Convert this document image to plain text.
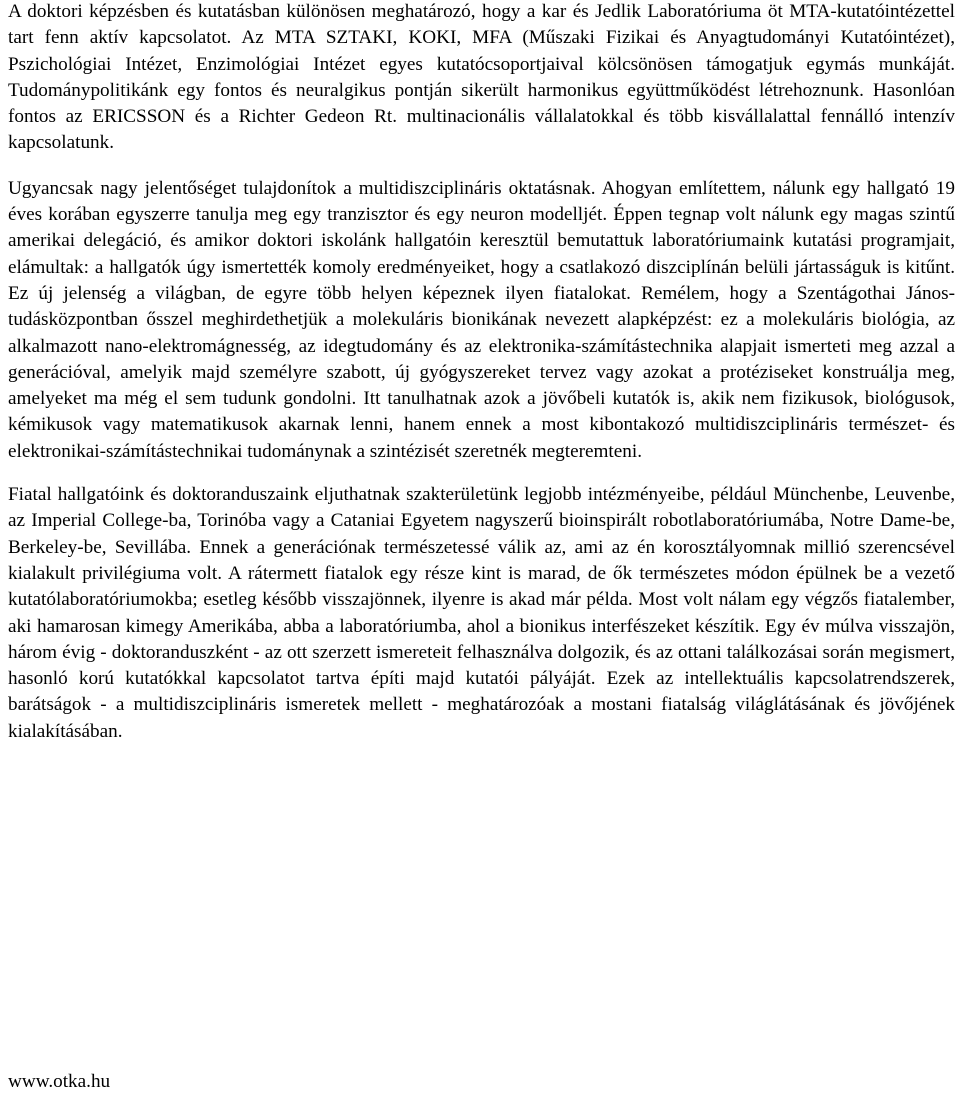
A doktori képzésben és kutatásban különösen meghatározó, hogy a kar és Jedlik Laboratóriuma öt MTA-kutatóintézettel tart fenn aktív kapcsolatot. Az MTA SZTAKI, KOKI, MFA (Műszaki Fizikai és Anyagtudományi Kutatóintézet), Pszichológiai Intézet, Enzimológiai Intézet egyes kutatócsoportjaival kölcsönösen támogatjuk egymás munkáját. Tudománypolitikánk egy fontos és neuralgikus pontján sikerült harmonikus együttműködést létrehoznunk. Hasonlóan fontos az ERICSSON és a Richter Gedeon Rt. multinacionális vállalatokkal és több kisvállalattal fennálló intenzív kapcsolatunk.

Ugyancsak nagy jelentőséget tulajdonítok a multidiszciplináris oktatásnak. Ahogyan említettem, nálunk egy hallgató 19 éves korában egyszerre tanulja meg egy tranzisztor és egy neuron modelljét. Éppen tegnap volt nálunk egy magas szintű amerikai delegáció, és amikor doktori iskolánk hallgatóin keresztül bemutattuk laboratóriumaink kutatási programjait, elámultak: a hallgatók úgy ismertették komoly eredményeiket, hogy a csatlakozó diszciplínán belüli jártasságuk is kitűnt. Ez új jelenség a világban, de egyre több helyen képeznek ilyen fiatalokat. Remélem, hogy a Szentágothai János-tudásközpontban ősszel meghirdethetjük a molekuláris bionikának nevezett alapképzést: ez a molekuláris biológia, az alkalmazott nano-elektromágnesség, az idegtudomány és az elektronika-számítástechnika alapjait ismerteti meg azzal a generációval, amelyik majd személyre szabott, új gyógyszereket tervez vagy azokat a protéziseket konstruálja meg, amelyeket ma még el sem tudunk gondolni. Itt tanulhatnak azok a jövőbeli kutatók is, akik nem fizikusok, biológusok, kémikusok vagy matematikusok akarnak lenni, hanem ennek a most kibontakozó multidiszciplináris természet- és elektronikai-számítástechnikai tudománynak a szintézisét szeretnék megteremteni.

Fiatal hallgatóink és doktoranduszaink eljuthatnak szakterületünk legjobb intézményeibe, például Münchenbe, Leuvenbe, az Imperial College-ba, Torinóba vagy a Cataniai Egyetem nagyszerű bioinspirált robotlaboratóriumába, Notre Dame-be, Berkeley-be, Sevillába. Ennek a generációnak természetessé válik az, ami az én korosztályomnak millió szerencsével kialakult privilégiuma volt. A rátermett fiatalok egy része kint is marad, de ők természetes módon épülnek be a vezető kutatólaboratóriumokba; esetleg később visszajönnek, ilyenre is akad már példa. Most volt nálam egy végzős fiatalember, aki hamarosan kimegy Amerikába, abba a laboratóriumba, ahol a bionikus interfészeket készítik. Egy év múlva visszajön, három évig - doktoranduszként - az ott szerzett ismereteit felhasználva dolgozik, és az ottani találkozásai során megismert, hasonló korú kutatókkal kapcsolatot tartva építi majd kutatói pályáját. Ezek az intellektuális kapcsolatrendszerek, barátságok - a multidiszciplináris ismeretek mellett - meghatározóak a mostani fiatalság világlátásának és jövőjének kialakításában.

www.otka.hu
